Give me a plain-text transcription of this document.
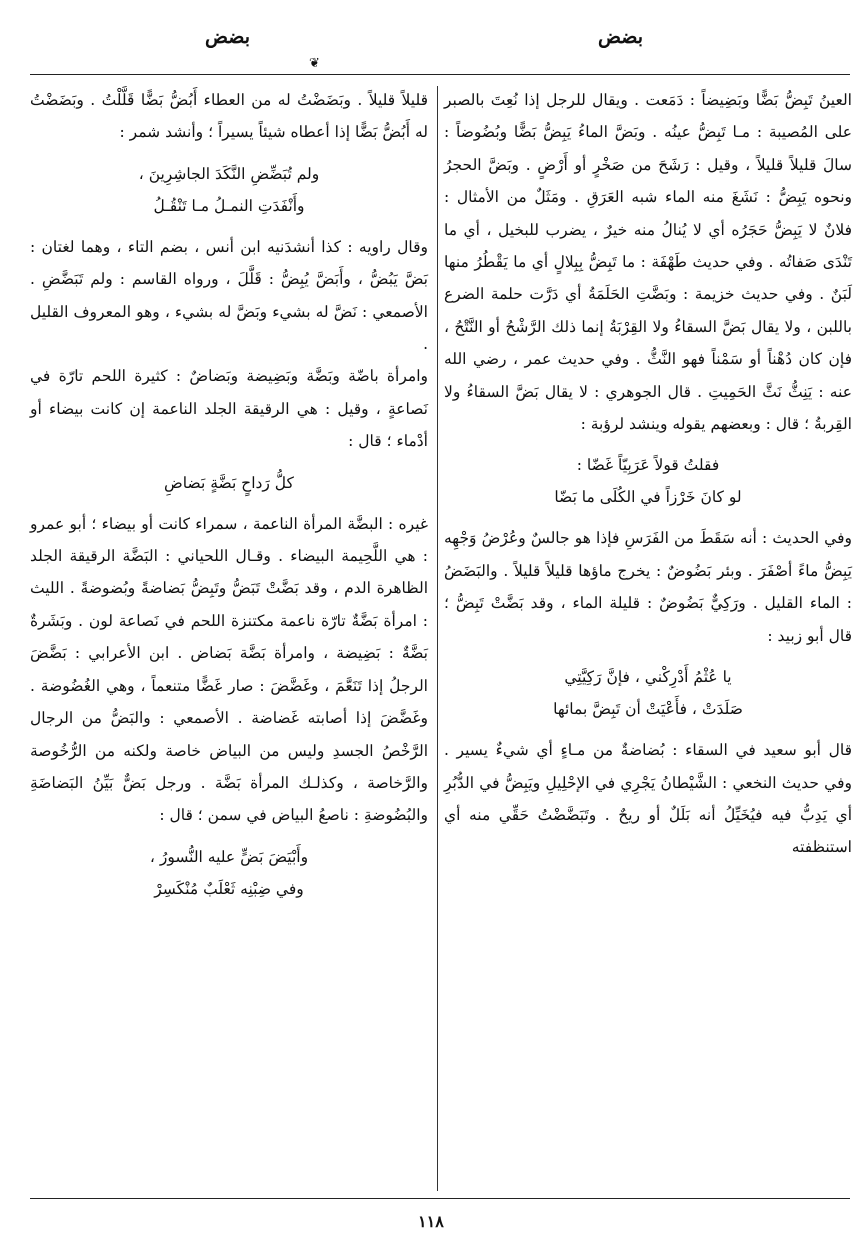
بضض
❦
بضض

العينُ تَبِضُّ بَضًّا وبَضِيضاً : دَمَعت . ويقال للرجل إذا نُعِتَ بالصبر على المُصيبة : مـا تَبِضُّ عينُه . وبَضَّ الماءُ يَبِضُّ بَضًّا وبُضُوضاً : سالَ قليلاً قليلاً ، وقيل : رَشَحَ من صَخْرٍ أو أَرْضٍ . وبَضَّ الحجرُ ونحوه يَبِضُّ : نَشَغَ منه الماء شبه العَرَقِ . ومَثَلٌ من الأمثال : فلانٌ لا يَبِضُّ حَجَرُه أي لا يُنالُ منه خيرٌ ، يضرب للبخيل ، أي ما تَنْدَى صَفاتُه . وفي حديث طَهْفَة : ما تَبِضُّ بِبِلالٍ أي ما يَقْطُرُ منها لَبَنٌ . وفي حديث خزيمة : وبَضَّتِ الحَلَمَةُ أي دَرَّت حلمة الضرع باللبن ، ولا يقال بَضَّ السقاءُ ولا القِرْبَةُ إنما ذلك الرَّشْحُ أو النَّتْحُ ، فإن كان دُهْناً أو سَمْناً فهو النَّثُّ . وفي حديث عمر ، رضي الله عنه : يَنِثُّ نَثَّ الحَمِيتِ . قال الجوهري : لا يقال بَضَّ السقاءُ ولا القِربةُ ؛ قال : وبعضهم يقوله وينشد لرؤبة :

فقلتُ قولاً عَرَبِيّاً غَضّا :
لو كانَ خَرْزاً في الكُلَى ما بَضّا

وفي الحديث : أنه سَقَطَ من الفَرَسِ فإذا هو جالسٌ وعُرْضُ وَجْهِه يَبِضُّ ماءً أصْفَرَ . وبئر بَضُوضٌ : يخرج ماؤها قليلاً قليلاً . والبَضَضُ : الماء القليل . ورَكِيٌّ بَضُوضٌ : قليلة الماء ، وقد بَضَّتْ تَبِضُّ ؛ قال أبو زبيد :

يا عُثْمُ أَدْرِكْني ، فإنَّ رَكِيَّتِي
صَلَدَتْ ، فأَعْيَتْ أن تَبِضَّ بمائها

قال أبو سعيد في السقاء : بُضاضةٌ من مـاءٍ أي شيءٌ يسير . وفي حديث النخعي : الشَّيْطانُ يَجْرِي في الإحْلِيلِ ويَبِضُّ في الدُّبُرِ أي يَدِبُّ فيه فيُخَيِّلُ أنه بَلَلٌ أو ريحٌ . وتَبَضَّضْتُ حَقِّي منه أي استنظفته

قليلاً قليلاً . وبَضَضْتُ له من العطاء أَبُضُّ بَضًّا قَلَّلْتُ . وبَضَضْتُ له أَبُضُّ بَضًّا إذا أعطاه شيئاً يسيراً ؛ وأنشد شمر :

ولم تُبَضِّضِ النَّكَدَ الجاشِرِينَ ،
وأَنْفَدَتِ النمـلُ مـا تَنْقُـلُ

وقال راويه : كذا أنشدَنيه ابن أنس ، بضم التاء ، وهما لغتان : بَضَّ يَبُضُّ ، وأَبَضَّ يُبِضُّ : قَلَّلَ ، ورواه القاسم : ولم تَبَضَّضِ . الأصمعي : نَضَّ له بشيء وبَضَّ له بشيء ، وهو المعروف القليل .

وامرأة باضّة وبَضَّة وبَضِيضة وبَضاضٌ : كثيرة اللحم تارّة في نَصاعةٍ ، وقيل : هي الرقيقة الجلد الناعمة إن كانت بيضاء أو أدْماء ؛ قال :

كلُّ رَداحٍ بَضَّةٍ بَضاضِ

غيره : البضَّة المرأة الناعمة ، سمراء كانت أو بيضاء ؛ أبو عمرو : هي اللَّحِيمة البيضاء . وقـال اللحياني : البَضَّة الرقيقة الجلد الظاهرة الدم ، وقد بَضَّتْ تَبَضُّ وتَبِضُّ بَضاضةً وبُضوضةً . الليث : امرأة بَضَّةٌ تارّة ناعمة مكتنزة اللحم في نَصاعة لون . وبَشَرةٌ بَضَّةٌ : بَضِيضة ، وامرأة بَضَّة بَضاض . ابن الأعرابي : بَضَّضَ الرجلُ إذا تَنَعَّمَ ، وغَضَّضَ : صار غَضًّا متنعماً ، وهي الغُضُوضة . وغَضَّضَ إذا أصابته غَضاضة . الأصمعي : والبَضُّ من الرجال الرَّخْصُ الجسدِ وليس من البياض خاصة ولكنه من الرُّخُوصة والرَّخاصة ، وكذلـك المرأة بَضَّة . ورجل بَضٌّ بَيِّنُ البَضاضَةِ والبُضُوضةِ : ناصعُ البياض في سمن ؛ قال :

وأَبْيَضَ بَضٍّ عليه النُّسورُ ،
وفي ضِبْنِه ثَعْلَبٌ مُنْكَسِرْ
١١٨
